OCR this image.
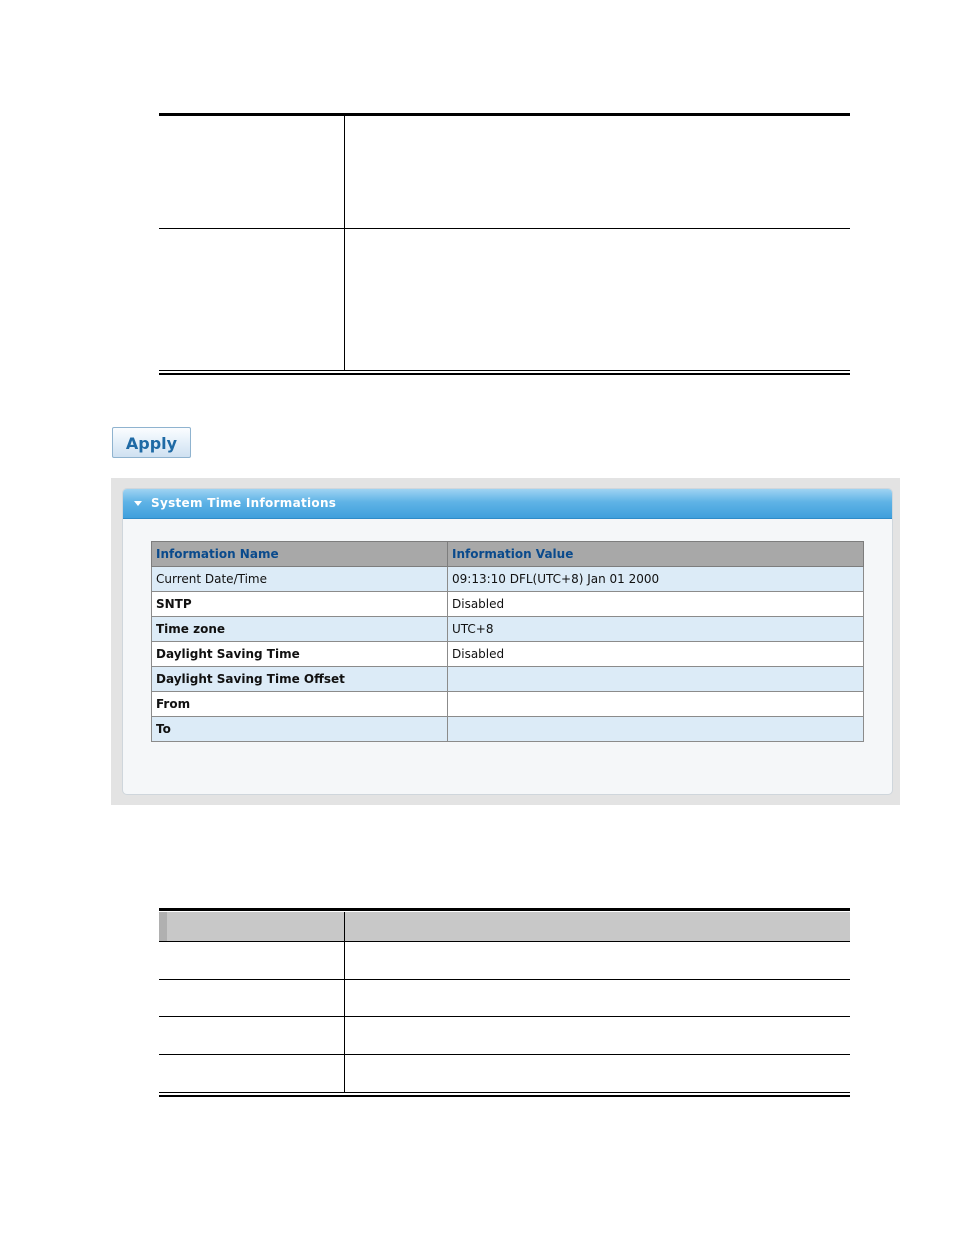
Apply
System Time Informations
Information Name	Information Value
Current Date/Time	09:13:10 DFL(UTC+8) Jan 01 2000
SNTP	Disabled
Time zone	UTC+8
Daylight Saving Time	Disabled
Daylight Saving Time Offset	
From	
To	
